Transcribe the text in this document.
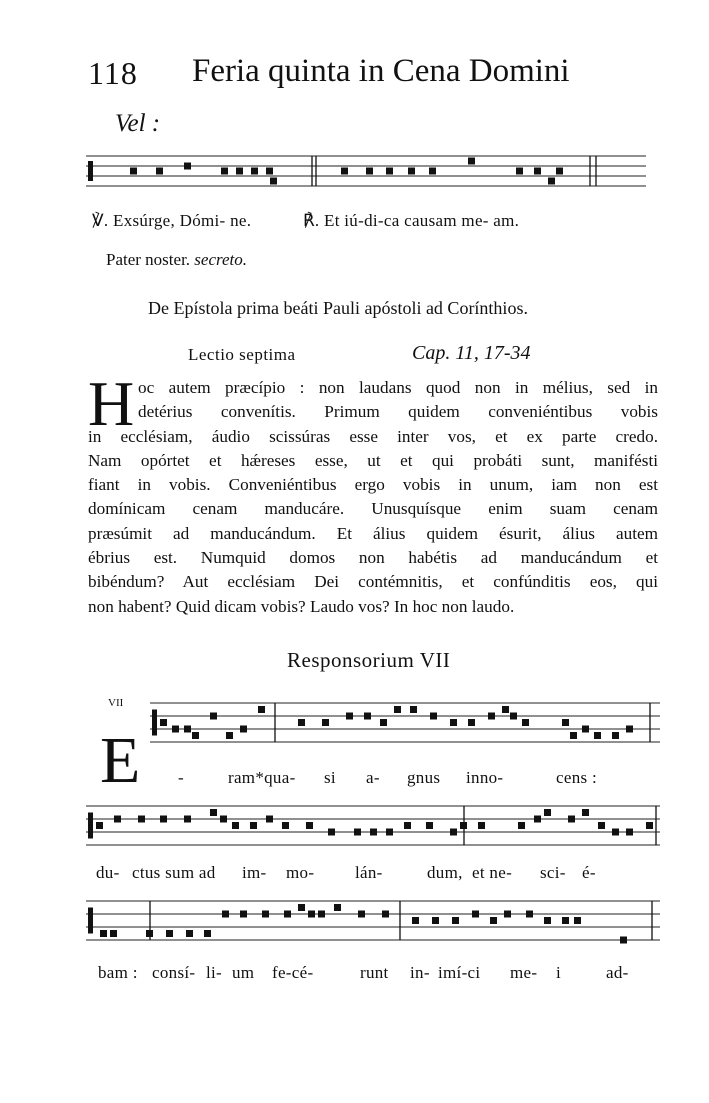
118 Feria quinta in Cena Domini
Vel :
℣. Exsúrge, Dómi- ne.	℟. Et iú-di-ca causam me- am.
Pater noster. secreto.
De Epístola prima beáti Pauli apóstoli ad Corínthios.
Lectio septima	Cap. 11, 17-34
H oc autem præcípio : non laudans quod non in mélius, sed in
detérius convenítis. Primum quidem conveniéntibus vobis
in ecclésiam, áudio scissúras esse inter vos, et ex parte credo.
Nam opórtet et hǽreses esse, ut et qui probáti sunt, manifésti
fiant in vobis. Conveniéntibus ergo vobis in unum, iam non est
domínicam cenam manducáre. Unusquísque enim suam cenam
præsúmit ad manducándum. Et álius quidem ésurit, álius autem
ébrius est. Numquid domos non habétis ad manducándum et
bibéndum? Aut ecclésiam Dei contémnitis, et confúnditis eos, qui
non habent? Quid dicam vobis? Laudo vos? In hoc non laudo.
Responsorium VII
VII
E -	ram*qua- si a- gnus inno-	cens :
du- ctus sum ad im- mo- lán-	dum, et ne- sci- é-
bam : consí- li- um fe-cé-	runt in- imí-ci me- i	ad-
